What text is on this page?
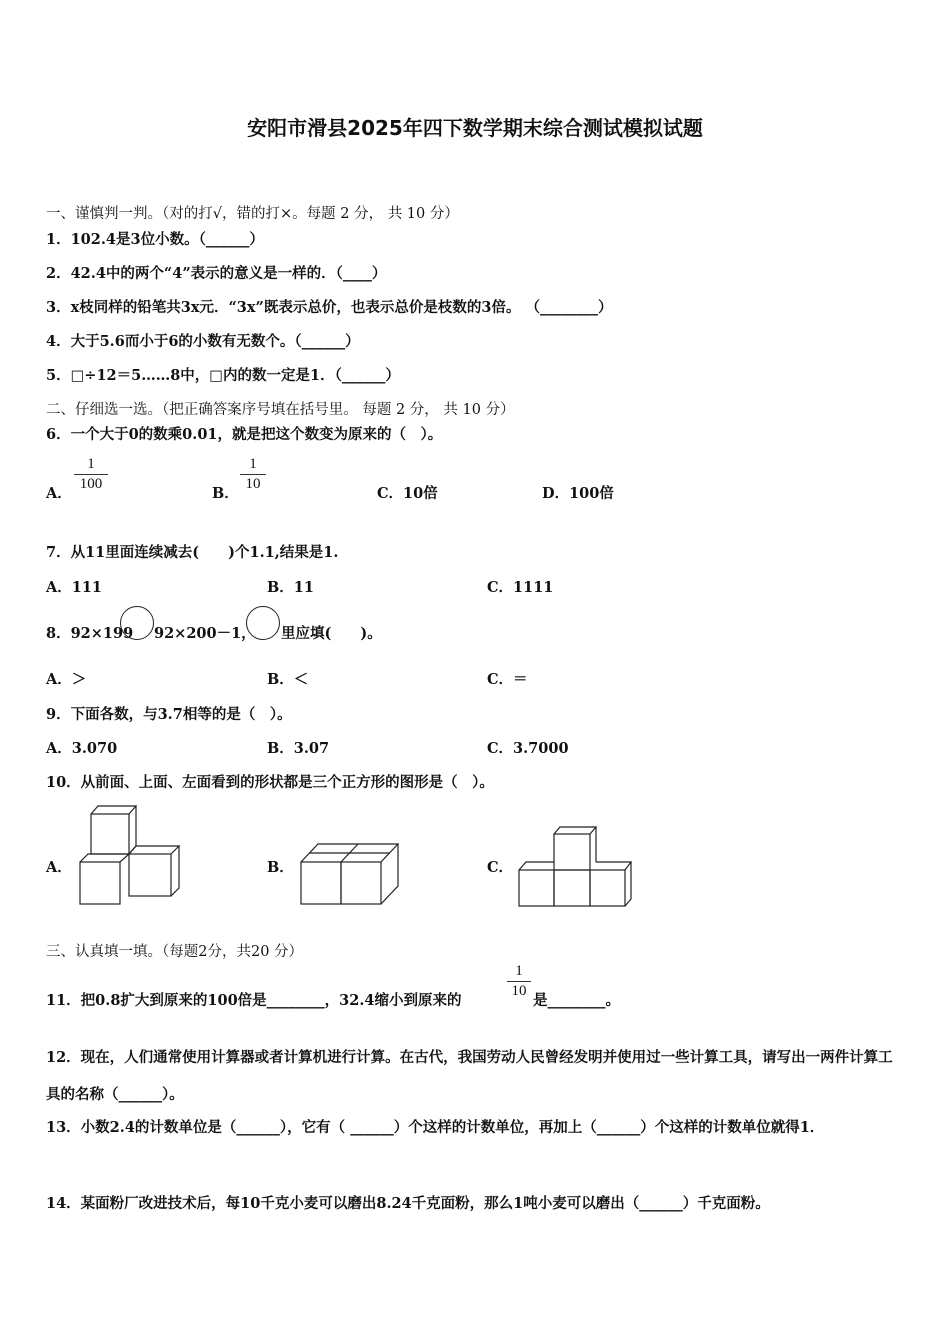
安阳市滑县2025年四下数学期末综合测试模拟试题
一、谨慎判一判。（对的打√，错的打×。每题 2 分， 共 10 分）
1．102.4是3位小数。（______）
2．42.4中的两个“4”表示的意义是一样的．（____）
3．x枝同样的铅笔共3x元．“3x”既表示总价，也表示总价是枝数的3倍。 （________）
4．大于5.6而小于6的小数有无数个。（______）
5．□÷12＝5……8中，□内的数一定是1．（______）
二、仔细选一选。（把正确答案序号填在括号里。 每题 2 分， 共 10 分）
6．一个大于0的数乘0.01，就是把这个数变为原来的（　）。
A．
1
100
B．
1
10
C．10倍	D．100倍
7．从11里面连续减去(　　)个1.1,结果是1.
A．111	B．11	C．1111
8．92×199 92×200－1， 里应填(　　)。
A．＞	B．＜	C．＝
9．下面各数，与3.7相等的是（　）。
A．3.070	B．3.07	C．3.7000
10．从前面、上面、左面看到的形状都是三个正方形的图形是（　）。
A．	B．	C．
三、认真填一填。（每题2分，共20 分）
11．把0.8扩大到原来的100倍是________，32.4缩小到原来的
1
10
是________。
12．现在，人们通常使用计算器或者计算机进行计算。在古代，我国劳动人民曾经发明并使用过一些计算工具，请写出一两件计算工具的名称（______）。
13．小数2.4的计数单位是（______），它有（ ______）个这样的计数单位，再加上（______）个这样的计数单位就得1．
14．某面粉厂改进技术后，每10千克小麦可以磨出8.24千克面粉，那么1吨小麦可以磨出（______）千克面粉。
